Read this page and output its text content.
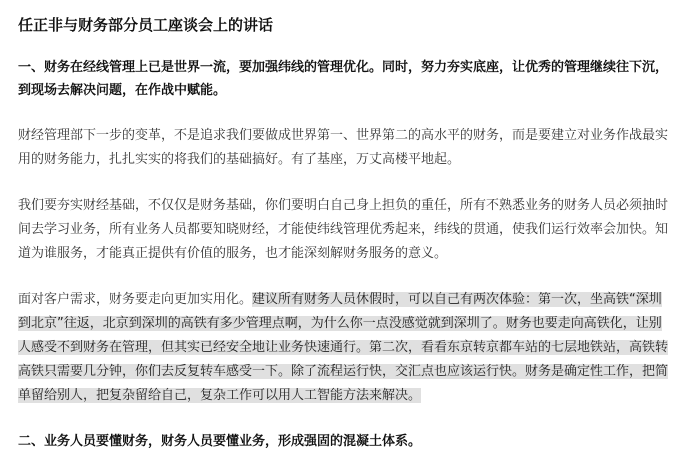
任正非与财务部分员工座谈会上的讲话

一、财务在经线管理上已是世界一流，要加强纬线的管理优化。同时，努力夯实底座，让优秀的管理继续往下沉，到现场去解决问题，在作战中赋能。

财经管理部下一步的变革，不是追求我们要做成世界第一、世界第二的高水平的财务，而是要建立对业务作战最实用的财务能力，扎扎实实的将我们的基础搞好。有了基座，万丈高楼平地起。

我们要夯实财经基础，不仅仅是财务基础，你们要明白自己身上担负的重任，所有不熟悉业务的财务人员必须抽时间去学习业务，所有业务人员都要知晓财经，才能使纬线管理优秀起来，纬线的贯通，使我们运行效率会加快。知道为谁服务，才能真正提供有价值的服务，也才能深刻解财务服务的意义。

面对客户需求，财务要走向更加实用化。建议所有财务人员休假时，可以自己有两次体验：第一次，坐高铁“深圳到北京”往返，北京到深圳的高铁有多少管理点啊，为什么你一点没感觉就到深圳了。财务也要走向高铁化，让别人感受不到财务在管理，但其实已经安全地让业务快速通行。第二次，看看东京转京都车站的七层地铁站，高铁转高铁只需要几分钟，你们去反复转车感受一下。除了流程运行快，交汇点也应该运行快。财务是确定性工作，把简单留给别人，把复杂留给自己，复杂工作可以用人工智能方法来解决。

二、业务人员要懂财务，财务人员要懂业务，形成强固的混凝土体系。
